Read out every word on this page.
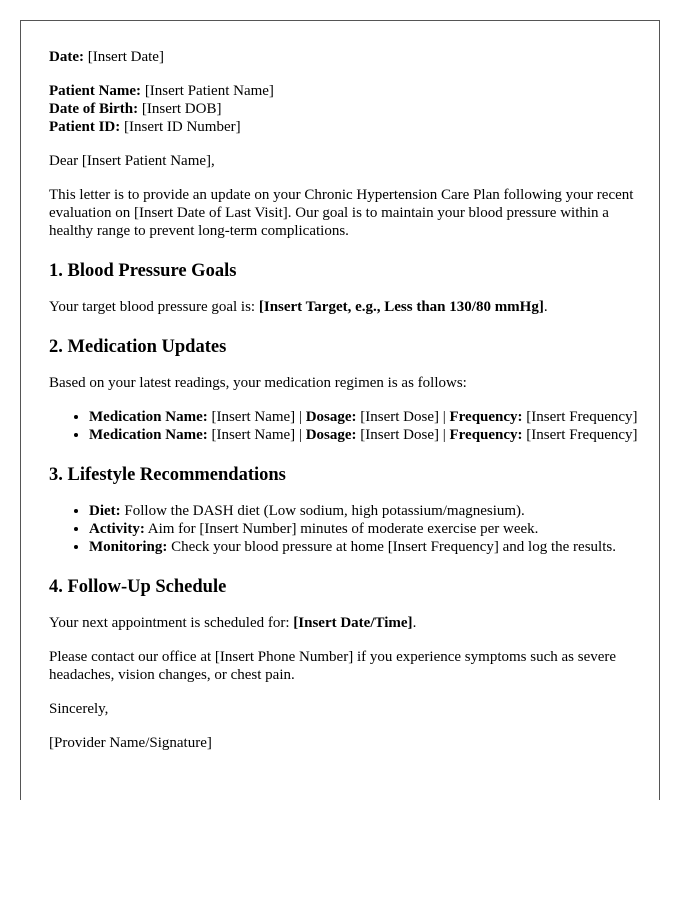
Date: [Insert Date]

Patient Name: [Insert Patient Name]

Date of Birth: [Insert DOB]

Patient ID: [Insert ID Number]

Dear [Insert Patient Name],

This letter is to provide an update on your Chronic Hypertension Care Plan following your recent evaluation on [Insert Date of Last Visit]. Our goal is to maintain your blood pressure within a healthy range to prevent long-term complications.

1. Blood Pressure Goals

Your target blood pressure goal is: [Insert Target, e.g., Less than 130/80 mmHg].

2. Medication Updates

Based on your latest readings, your medication regimen is as follows:

• Medication Name: [Insert Name] | Dosage: [Insert Dose] | Frequency: [Insert Frequency]
• Medication Name: [Insert Name] | Dosage: [Insert Dose] | Frequency: [Insert Frequency]
3. Lifestyle Recommendations
• Diet: Follow the DASH diet (Low sodium, high potassium/magnesium).
• Activity: Aim for [Insert Number] minutes of moderate exercise per week.
• Monitoring: Check your blood pressure at home [Insert Frequency] and log the results.
4. Follow-Up Schedule

Your next appointment is scheduled for: [Insert Date/Time].

Please contact our office at [Insert Phone Number] if you experience symptoms such as severe headaches, vision changes, or chest pain.

Sincerely,

[Provider Name/Signature]
